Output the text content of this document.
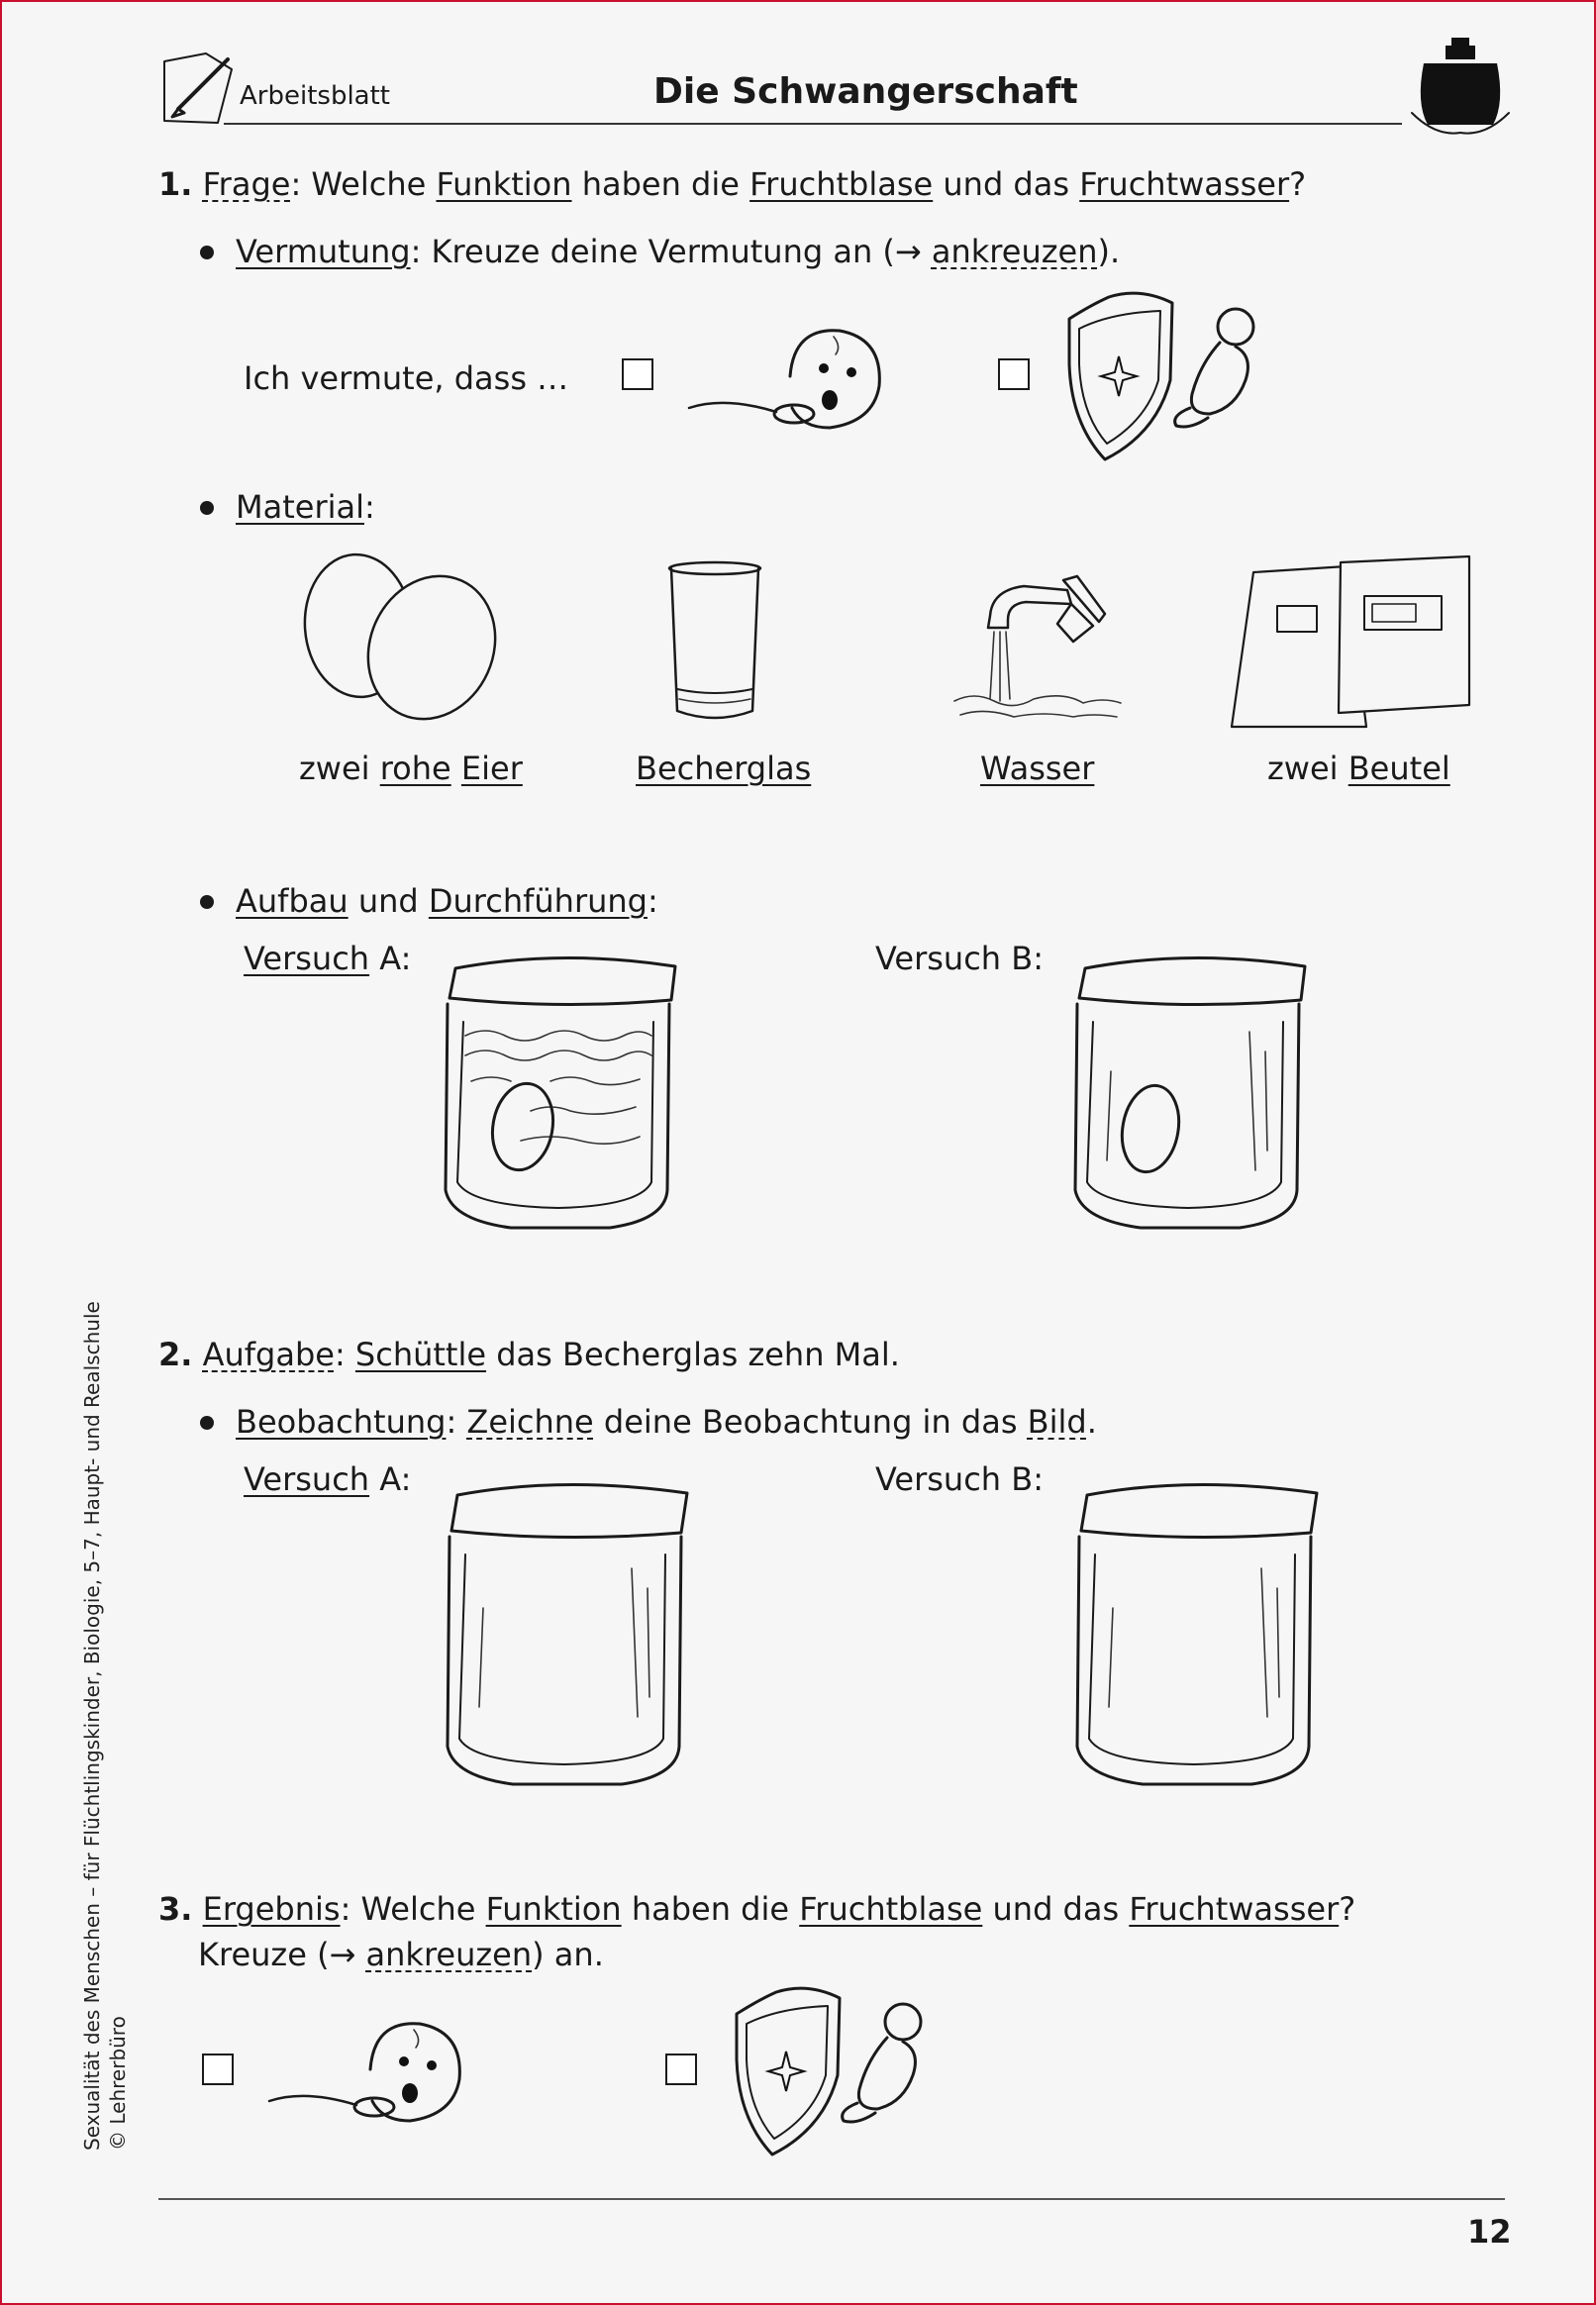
Arbeitsblatt	Die Schwangerschaft
1. Frage: Welche Funktion haben die Fruchtblase und das Fruchtwasser?
Vermutung: Kreuze deine Vermutung an (→ ankreuzen).
Ich vermute, dass …
Material:
zwei rohe Eier	Becherglas	Wasser	zwei Beutel
Aufbau und Durchführung:
Versuch A:	Versuch B:
2. Aufgabe: Schüttle das Becherglas zehn Mal.
Beobachtung: Zeichne deine Beobachtung in das Bild.
Versuch A:	Versuch B:
3. Ergebnis: Welche Funktion haben die Fruchtblase und das Fruchtwasser?
Kreuze (→ ankreuzen) an.
12
Sexualität des Menschen – für Flüchtlingskinder, Biologie, 5–7, Haupt- und Realschule © Lehrerbüro
